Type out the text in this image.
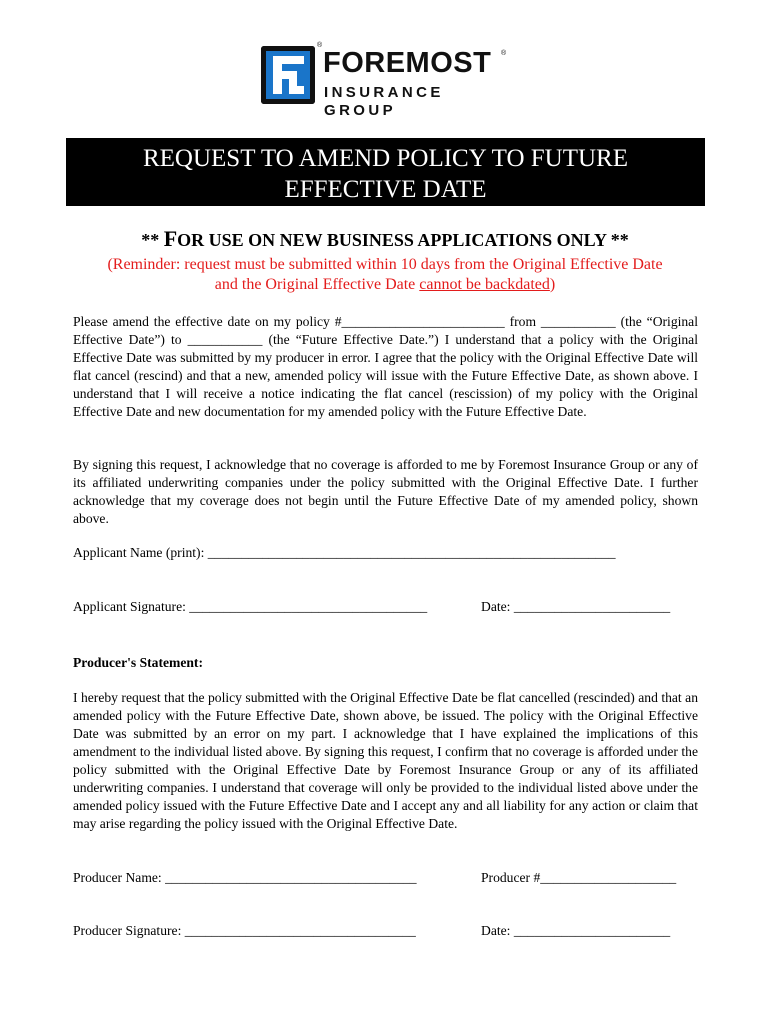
®
FOREMOST ®
INSURANCE GROUP
REQUEST TO AMEND POLICY TO FUTURE
EFFECTIVE DATE
** FOR USE ON NEW BUSINESS APPLICATIONS ONLY **
(Reminder: request must be submitted within 10 days from the Original Effective Date
and the Original Effective Date cannot be backdated)
Please amend the effective date on my policy #________________________ from ___________ (the “Original Effective Date”) to ___________ (the “Future Effective Date.”) I understand that a policy with the Original Effective Date was submitted by my producer in error. I agree that the policy with the Original Effective Date will flat cancel (rescind) and that a new, amended policy will issue with the Future Effective Date, as shown above. I understand that I will receive a notice indicating the flat cancel (rescission) of my policy with the Original Effective Date and new documentation for my amended policy with the Future Effective Date.
By signing this request, I acknowledge that no coverage is afforded to me by Foremost Insurance Group or any of its affiliated underwriting companies under the policy submitted with the Original Effective Date. I further acknowledge that my coverage does not begin until the Future Effective Date of my amended policy, shown above.
Applicant Name (print): ____________________________________________________________
Applicant Signature: ___________________________________	Date: _______________________
Producer's Statement:
I hereby request that the policy submitted with the Original Effective Date be flat cancelled (rescinded) and that an amended policy with the Future Effective Date, shown above, be issued. The policy with the Original Effective Date was submitted by an error on my part. I acknowledge that I have explained the implications of this amendment to the individual listed above. By signing this request, I confirm that no coverage is afforded under the policy submitted with the Original Effective Date by Foremost Insurance Group or any of its affiliated underwriting companies. I understand that coverage will only be provided to the individual listed above under the amended policy issued with the Future Effective Date and I accept any and all liability for any action or claim that may arise regarding the policy issued with the Original Effective Date.
Producer Name: _____________________________________	Producer #____________________
Producer Signature: __________________________________	Date: _______________________
